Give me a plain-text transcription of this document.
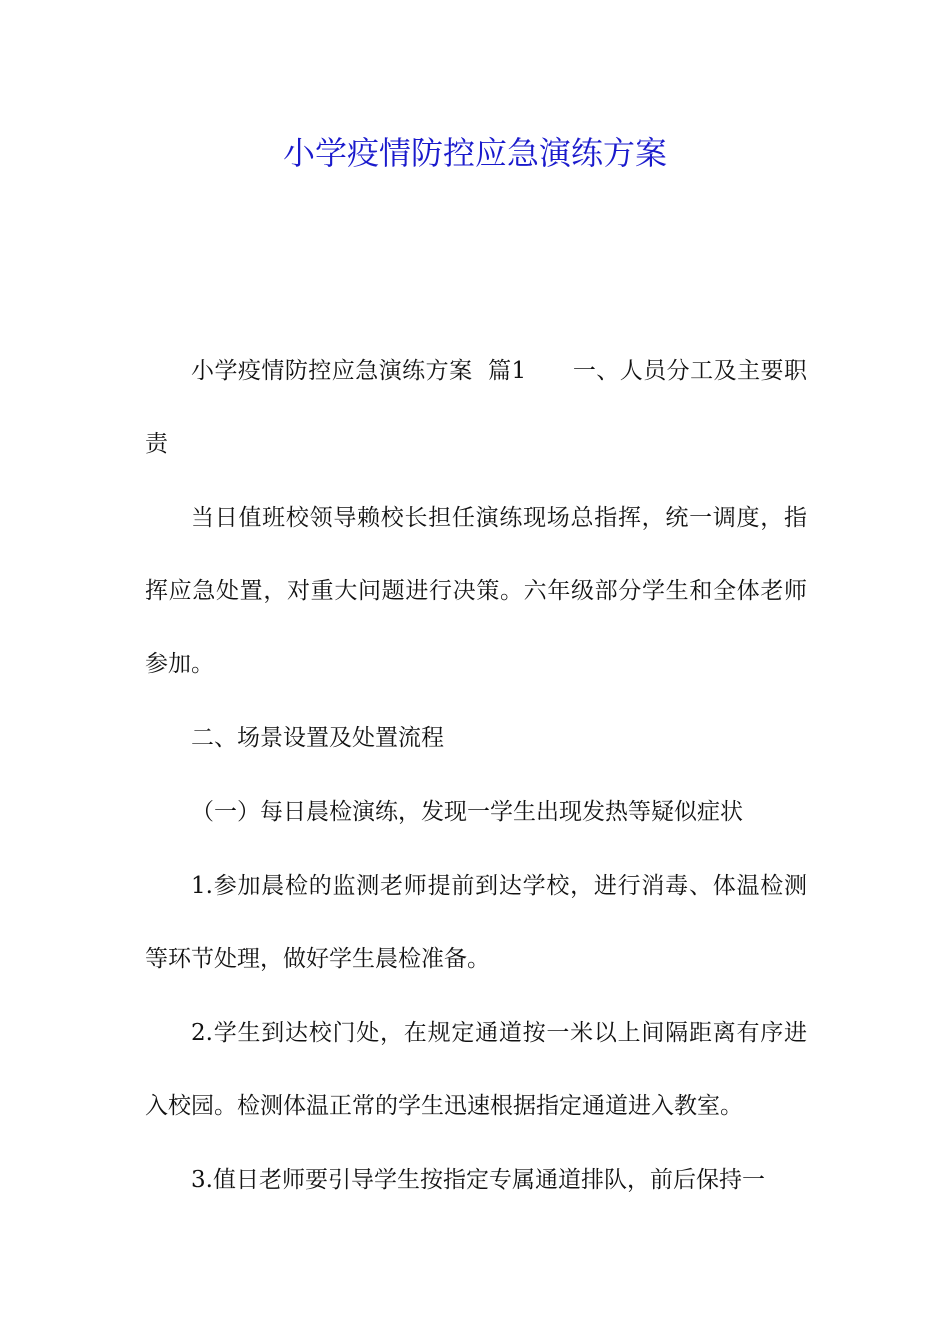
小学疫情防控应急演练方案

小学疫情防控应急演练方案  篇1      一、人员分工及主要职责

当日值班校领导赖校长担任演练现场总指挥，统一调度，指挥应急处置，对重大问题进行决策。六年级部分学生和全体老师参加。

二、场景设置及处置流程

（一）每日晨检演练，发现一学生出现发热等疑似症状

1.参加晨检的监测老师提前到达学校，进行消毒、体温检测等环节处理，做好学生晨检准备。

2.学生到达校门处，在规定通道按一米以上间隔距离有序进入校园。检测体温正常的学生迅速根据指定通道进入教室。

3.值日老师要引导学生按指定专属通道排队，前后保持一
